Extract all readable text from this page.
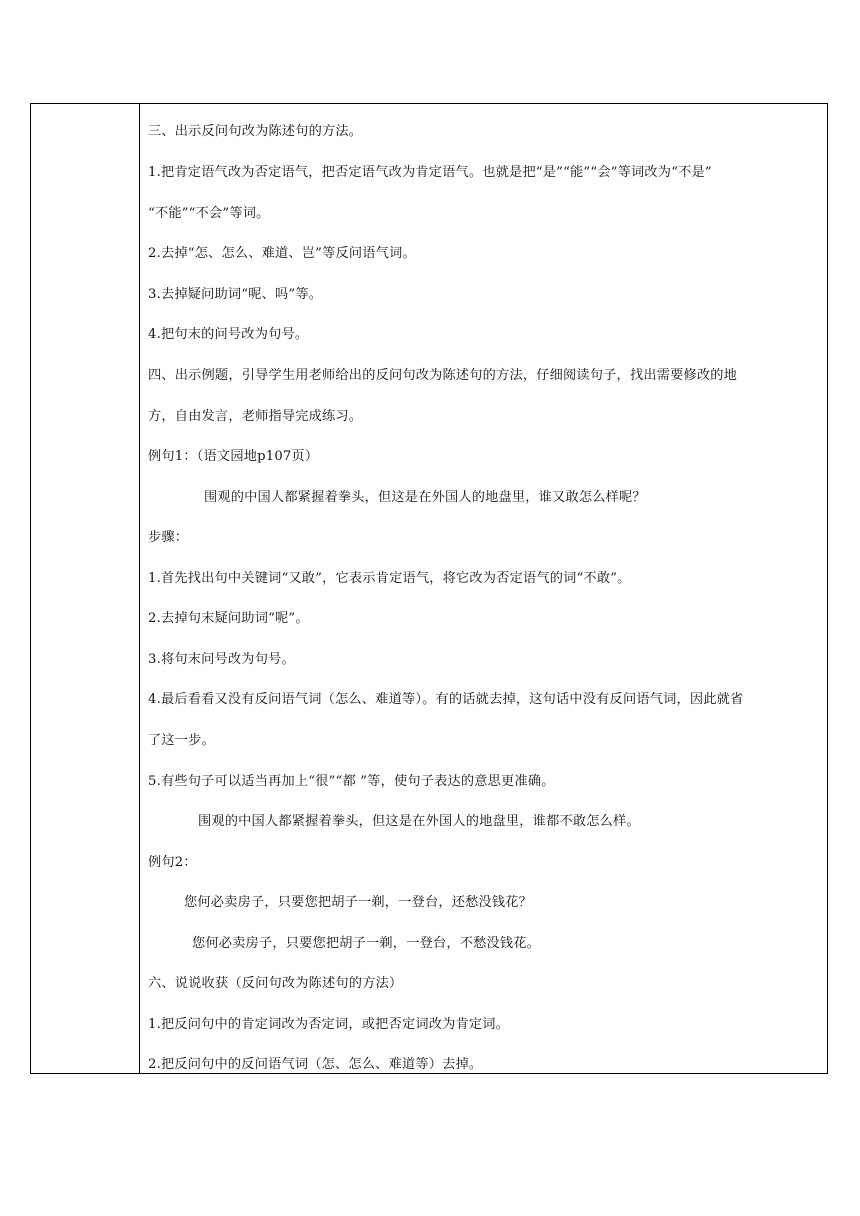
三、出示反问句改为陈述句的方法。
1.把肯定语气改为否定语气，把否定语气改为肯定语气。也就是把“是”“能”“会”等词改为“不是”
“不能”“不会”等词。
2.去掉“怎、怎么、难道、岂”等反问语气词。
3.去掉疑问助词“呢、吗”等。
4.把句末的问号改为句号。
四、出示例题，引导学生用老师给出的反问句改为陈述句的方法，仔细阅读句子，找出需要修改的地
方，自由发言，老师指导完成练习。
例句1：（语文园地p107页）
围观的中国人都紧握着拳头，但这是在外国人的地盘里，谁又敢怎么样呢？
步骤：
1.首先找出句中关键词“又敢”，它表示肯定语气，将它改为否定语气的词“不敢”。
2.去掉句末疑问助词“呢”。
3.将句末问号改为句号。
4.最后看看又没有反问语气词（怎么、难道等）。有的话就去掉，这句话中没有反问语气词，因此就省
了这一步。
5.有些句子可以适当再加上“很”“都 ”等，使句子表达的意思更准确。
围观的中国人都紧握着拳头，但这是在外国人的地盘里，谁都不敢怎么样。
例句2：
您何必卖房子，只要您把胡子一剃，一登台，还愁没钱花？
您何必卖房子，只要您把胡子一剃，一登台，不愁没钱花。
六、说说收获（反问句改为陈述句的方法）
1.把反问句中的肯定词改为否定词，或把否定词改为肯定词。
2.把反问句中的反问语气词（怎、怎么、难道等）去掉。
